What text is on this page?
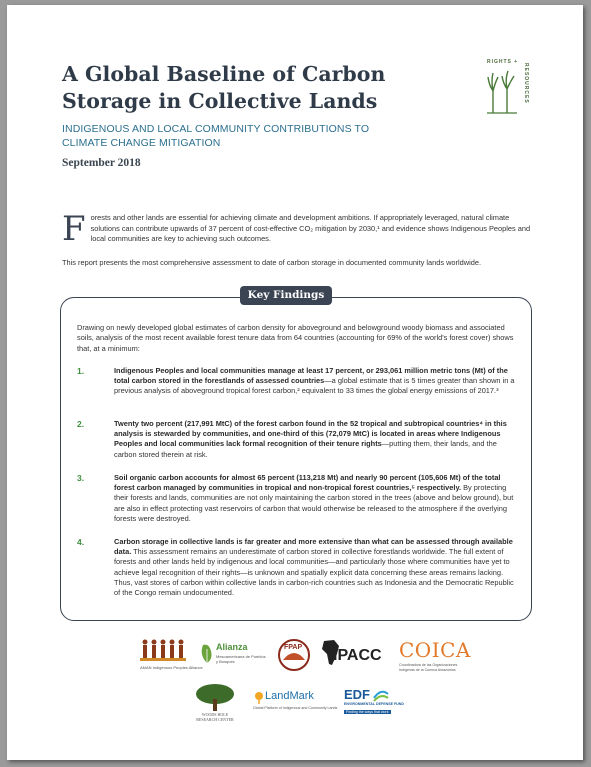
A Global Baseline of Carbon Storage in Collective Lands
INDIGENOUS AND LOCAL COMMUNITY CONTRIBUTIONS TO CLIMATE CHANGE MITIGATION
September 2018
RIGHTS +
RESOURCES
F orests and other lands are essential for achieving climate and development ambitions. If appropriately leveraged, natural climate solutions can contribute upwards of 37 percent of cost-effective CO₂ mitigation by 2030,¹ and evidence shows Indigenous Peoples and local communities are key to achieving such outcomes.
This report presents the most comprehensive assessment to date of carbon storage in documented community lands worldwide.
Key Findings
Drawing on newly developed global estimates of carbon density for aboveground and belowground woody biomass and associated soils, analysis of the most recent available forest tenure data from 64 countries (accounting for 69% of the world's forest cover) shows that, at a minimum:
1.	Indigenous Peoples and local communities manage at least 17 percent, or 293,061 million metric tons (Mt) of the total carbon stored in the forestlands of assessed countries—a global estimate that is 5 times greater than shown in a previous analysis of aboveground tropical forest carbon,² equivalent to 33 times the global energy emissions of 2017.³
2.	Twenty two percent (217,991 MtC) of the forest carbon found in the 52 tropical and subtropical countries⁴ in this analysis is stewarded by communities, and one-third of this (72,079 MtC) is located in areas where Indigenous Peoples and local communities lack formal recognition of their tenure rights—putting them, their lands, and the carbon stored therein at risk.
3.	Soil organic carbon accounts for almost 65 percent (113,218 Mt) and nearly 90 percent (105,606 Mt) of the total forest carbon managed by communities in tropical and non-tropical forest countries,⁵ respectively. By protecting their forests and lands, communities are not only maintaining the carbon stored in the trees (above and below ground), but are also in effect protecting vast reservoirs of carbon that would otherwise be released to the atmosphere if the overlying forests were destroyed.
4.	Carbon storage in collective lands is far greater and more extensive than what can be assessed through available data. This assessment remains an underestimate of carbon stored in collective forestlands worldwide. The full extent of forests and other lands held by indigenous and local communities—and particularly those where communities have yet to achieve legal recognition of their rights—is unknown and spatially explicit data concerning these areas remains lacking. Thus, vast stores of carbon within collective lands in carbon-rich countries such as Indonesia and the Democratic Republic of the Congo remain undocumented.
AMAN Indigenous Peoples Alliance
Alianza
Mesoamericana de Pueblos y Bosques
FPAP IPACC COICA
Coordinadora de las Organizaciones Indígenas de la Cuenca Amazónica
WOODS HOLE RESEARCH CENTER
LandMark
Global Platform of Indigenous and Community Lands
EDF
ENVIRONMENTAL DEFENSE FUND
Finding the ways that work
